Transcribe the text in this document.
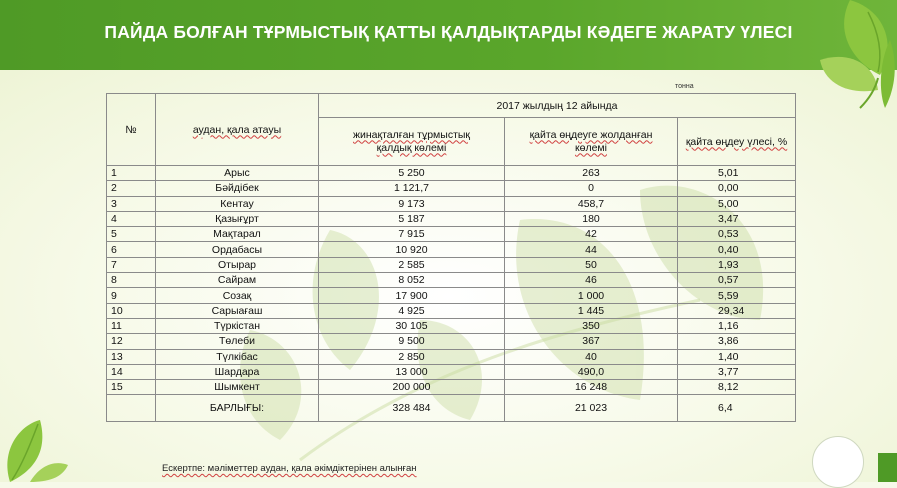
ПАЙДА БОЛҒАН ТҰРМЫСТЫҚ ҚАТТЫ ҚАЛДЫҚТАРДЫ КӘДЕГЕ ЖАРАТУ ҮЛЕСІ
тонна
№	аудан, қала атауы	2017 жылдың 12 айында		
		жинақталған тұрмыстық қалдық көлемі	қайта өңдеуге жолданған көлемі	қайта өңдеу үлесі, %
1	Арыс	5 250	263	5,01
2	Бәйдібек	1 121,7	0	0,00
3	Кентау	9 173	458,7	5,00
4	Қазығұрт	5 187	180	3,47
5	Мақтарал	7 915	42	0,53
6	Ордабасы	10 920	44	0,40
7	Отырар	2 585	50	1,93
8	Сайрам	8 052	46	0,57
9	Созақ	17 900	1 000	5,59
10	Сарыағаш	4 925	1 445	29,34
11	Түркістан	30 105	350	1,16
12	Төлеби	9 500	367	3,86
13	Түлкібас	2 850	40	1,40
14	Шардара	13 000	490,0	3,77
15	Шымкент	200 000	16 248	8,12
	БАРЛЫҒЫ:	328 484	21 023	6,4
Ескертпе: мәліметтер аудан, қала әкімдіктерінен алынған
